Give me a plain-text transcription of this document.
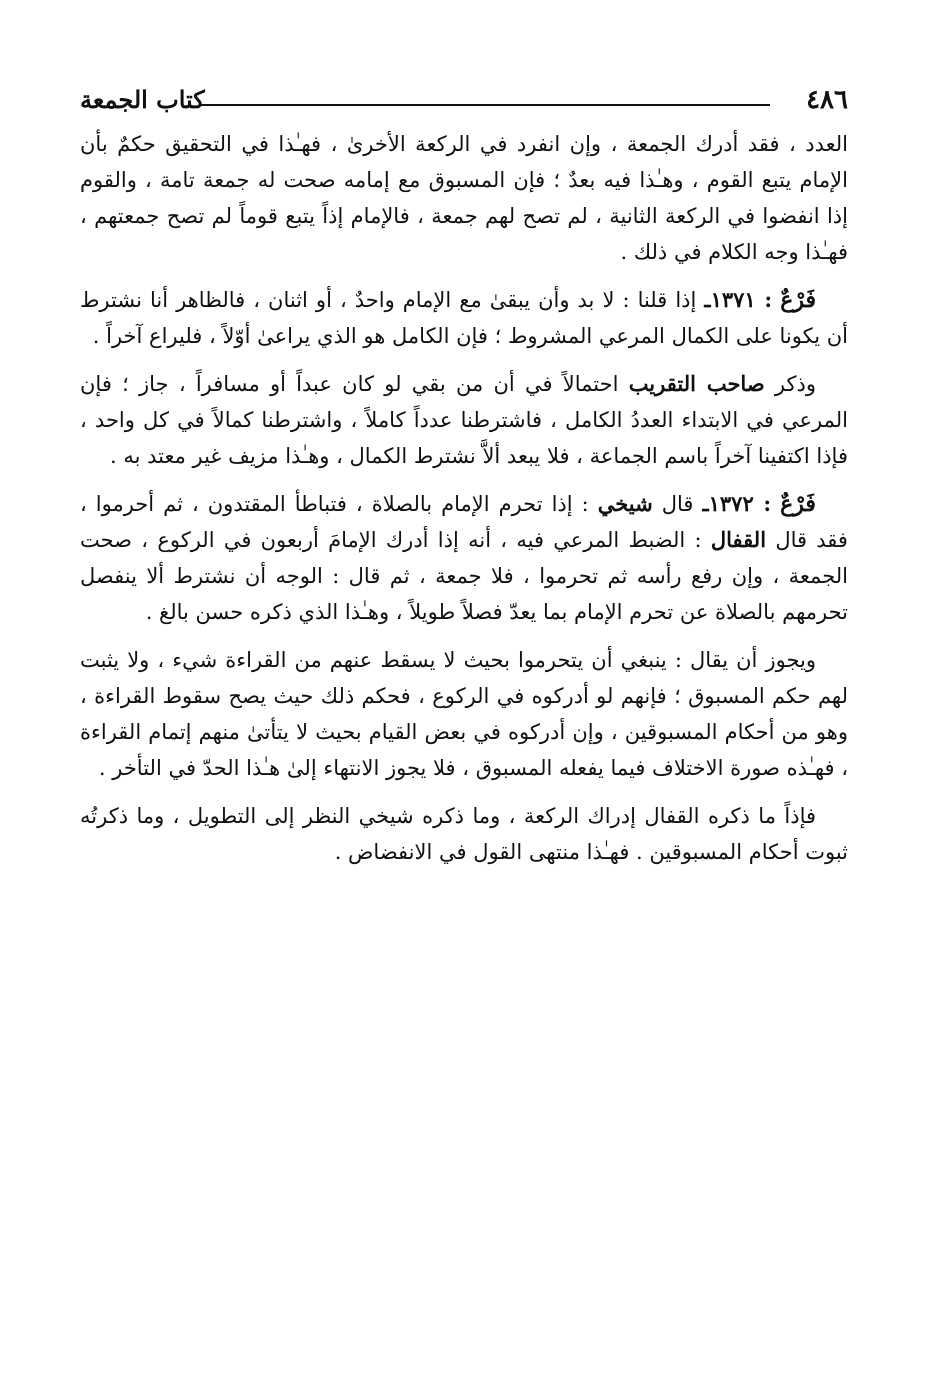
٤٨٦
كتاب الجمعة

العدد ، فقد أدرك الجمعة ، وإن انفرد في الركعة الأخرىٰ ، فهـٰذا في التحقيق حكمٌ بأن الإمام يتبع القوم ، وهـٰذا فيه بعدٌ ؛ فإن المسبوق مع إمامه صحت له جمعة تامة ، والقوم إذا انفضوا في الركعة الثانية ، لم تصح لهم جمعة ، فالإمام إذاً يتبع قوماً لم تصح جمعتهم ، فهـٰذا وجه الكلام في ذلك .

فَرْعٌ : ١٣٧١ـ إذا قلنا : لا بد وأن يبقىٰ مع الإمام واحدٌ ، أو اثنان ، فالظاهر أنا نشترط أن يكونا على الكمال المرعي المشروط ؛ فإن الكامل هو الذي يراعىٰ أوّلاً ، فليراع آخراً .

وذكر صاحب التقريب احتمالاً في أن من بقي لو كان عبداً أو مسافراً ، جاز ؛ فإن المرعي في الابتداء العددُ الكامل ، فاشترطنا عدداً كاملاً ، واشترطنا كمالاً في كل واحد ، فإذا اكتفينا آخراً باسم الجماعة ، فلا يبعد ألاَّ نشترط الكمال ، وهـٰذا مزيف غير معتد به .

فَرْعٌ : ١٣٧٢ـ قال شيخي : إذا تحرم الإمام بالصلاة ، فتباطأ المقتدون ، ثم أحرموا ، فقد قال القفال : الضبط المرعي فيه ، أنه إذا أدرك الإمامَ أربعون في الركوع ، صحت الجمعة ، وإن رفع رأسه ثم تحرموا ، فلا جمعة ، ثم قال : الوجه أن نشترط ألا ينفصل تحرمهم بالصلاة عن تحرم الإمام بما يعدّ فصلاً طويلاً ، وهـٰذا الذي ذكره حسن بالغ .

ويجوز أن يقال : ينبغي أن يتحرموا بحيث لا يسقط عنهم من القراءة شيء ، ولا يثبت لهم حكم المسبوق ؛ فإنهم لو أدركوه في الركوع ، فحكم ذلك حيث يصح سقوط القراءة ، وهو من أحكام المسبوقين ، وإن أدركوه في بعض القيام بحيث لا يتأتىٰ منهم إتمام القراءة ، فهـٰذه صورة الاختلاف فيما يفعله المسبوق ، فلا يجوز الانتهاء إلىٰ هـٰذا الحدّ في التأخر .

فإذاً ما ذكره القفال إدراك الركعة ، وما ذكره شيخي النظر إلى التطويل ، وما ذكرتُه ثبوت أحكام المسبوقين . فهـٰذا منتهى القول في الانفضاض .
